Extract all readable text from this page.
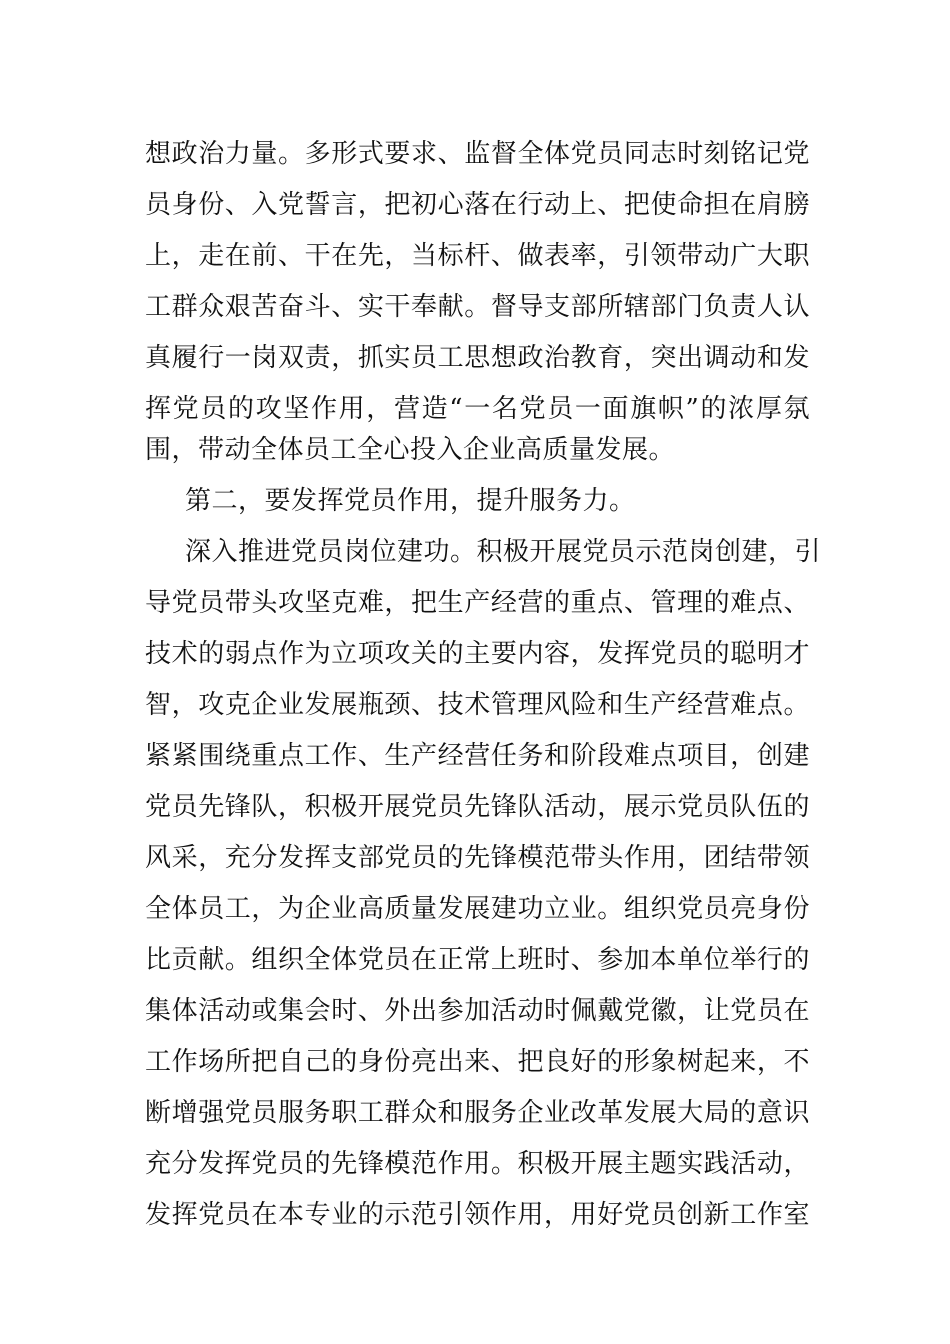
想政治力量。多形式要求、监督全体党员同志时刻铭记党
员身份、入党誓言，把初心落在行动上、把使命担在肩膀
上，走在前、干在先，当标杆、做表率，引领带动广大职
工群众艰苦奋斗、实干奉献。督导支部所辖部门负责人认
真履行一岗双责，抓实员工思想政治教育，突出调动和发
挥党员的攻坚作用，营造“一名党员一面旗帜”的浓厚氛
围，带动全体员工全心投入企业高质量发展。
第二，要发挥党员作用，提升服务力。
深入推进党员岗位建功。积极开展党员示范岗创建，引
导党员带头攻坚克难，把生产经营的重点、管理的难点、
技术的弱点作为立项攻关的主要内容，发挥党员的聪明才
智，攻克企业发展瓶颈、技术管理风险和生产经营难点。
紧紧围绕重点工作、生产经营任务和阶段难点项目，创建
党员先锋队，积极开展党员先锋队活动，展示党员队伍的
风采，充分发挥支部党员的先锋模范带头作用，团结带领
全体员工，为企业高质量发展建功立业。组织党员亮身份
比贡献。组织全体党员在正常上班时、参加本单位举行的
集体活动或集会时、外出参加活动时佩戴党徽，让党员在
工作场所把自己的身份亮出来、把良好的形象树起来，不
断增强党员服务职工群众和服务企业改革发展大局的意识
充分发挥党员的先锋模范作用。积极开展主题实践活动，
发挥党员在本专业的示范引领作用，用好党员创新工作室
